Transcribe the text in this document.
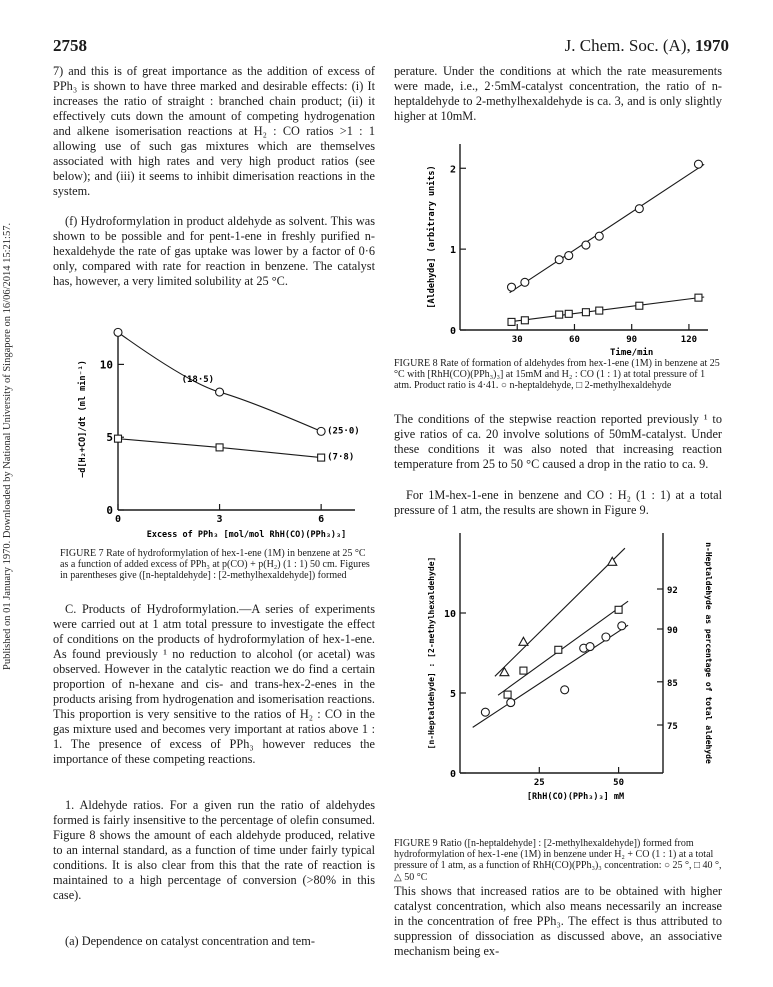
Published on 01 January 1970. Downloaded by National University of Singapore on 16/06/2014 15:21:57.
2758	J. Chem. Soc. (A), 1970

7) and this is of great importance as the addition of excess of PPh₃ is shown to have three marked and desirable effects: (i) It increases the ratio of straight : branched chain product; (ii) it effectively cuts down the amount of competing hydrogenation and alkene isomerisation reactions at H₂ : CO ratios >1 : 1 allowing use of such gas mixtures which are themselves associated with high rates and very high product ratios (see below); and (iii) it seems to inhibit dimerisation reactions in the system.

(f) Hydroformylation in product aldehyde as solvent. This was shown to be possible and for pent-1-ene in freshly purified n-hexaldehyde the rate of gas uptake was lower by a factor of 0·6 only, compared with rate for reaction in benzene. The catalyst has, however, a very limited solubility at 25 °C.

0
5
10
0	3	6
Excess of PPh₃ [mol/mol RhH(CO)(PPh₃)₃]
−d[H₂+CO]/dt (ml min⁻¹)	(18·5)
(25·0)
(7·8)

FIGURE 7 Rate of hydroformylation of hex-1-ene (1M) in benzene at 25 °C as a function of added excess of PPh₃ at p(CO) + p(H₂) (1 : 1) 50 cm. Figures in parentheses give ([n-heptaldehyde] : [2-methylhexaldehyde]) formed

C. Products of Hydroformylation.—A series of experiments were carried out at 1 atm total pressure to investigate the effect of conditions on the products of hydroformylation of hex-1-ene. As found previously ¹ no reduction to alcohol (or acetal) was observed. However in the catalytic reaction we do find a certain proportion of n-hexane and cis- and trans-hex-2-enes in the products arising from hydrogenation and isomerisation reactions. This proportion is very sensitive to the ratios of H₂ : CO in the gas mixture used and becomes very important at ratios above 1 : 1. The presence of excess of PPh₃ however reduces the importance of these competing reactions.

1. Aldehyde ratios. For a given run the ratio of aldehydes formed is fairly insensitive to the percentage of olefin consumed. Figure 8 shows the amount of each aldehyde produced, relative to an internal standard, as a function of time under fairly typical conditions. It is also clear from this that the rate of reaction is maintained to a high percentage of conversion (>80% in this case).

(a) Dependence on catalyst concentration and tem-

perature. Under the conditions at which the rate measurements were made, i.e., 2·5mM-catalyst concentration, the ratio of n-heptaldehyde to 2-methylhexaldehyde is ca. 3, and is only slightly higher at 10mM.

0
1
2
30	60	90	120
Time/min
[Aldehyde] (arbitrary units)

FIGURE 8 Rate of formation of aldehydes from hex-1-ene (1M) in benzene at 25 °C with [RhH(CO)(PPh₃)₃] at 15mM and H₂ : CO (1 : 1) at total pressure of 1 atm. Product ratio is 4·41. ○ n-heptaldehyde, □ 2-methylhexaldehyde

The conditions of the stepwise reaction reported previously ¹ to give ratios of ca. 20 involve solutions of 50mM-catalyst. Under these conditions it was also noted that increasing reaction temperature from 25 to 50 °C caused a drop in the ratio to ca. 9.

For 1M-hex-1-ene in benzene and CO : H₂ (1 : 1) at a total pressure of 1 atm, the results are shown in Figure 9.

0
5
10
75
85
90
92
25	50
[RhH(CO)(PPh₃)₃] mM
[n-Heptaldehyde] : [2-methylhexaldehyde]	n-Heptaldehyde as percentage of total aldehyde

FIGURE 9 Ratio ([n-heptaldehyde] : [2-methylhexaldehyde]) formed from hydroformylation of hex-1-ene (1M) in benzene under H₂ + CO (1 : 1) at a total pressure of 1 atm, as a function of RhH(CO)(PPh₃)₃ concentration: ○ 25 °, □ 40 °, △ 50 °C

This shows that increased ratios are to be obtained with higher catalyst concentration, which also means necessarily an increase in the concentration of free PPh₃. The effect is thus attributed to suppression of dissociation as discussed above, an associative mechanism being ex-
